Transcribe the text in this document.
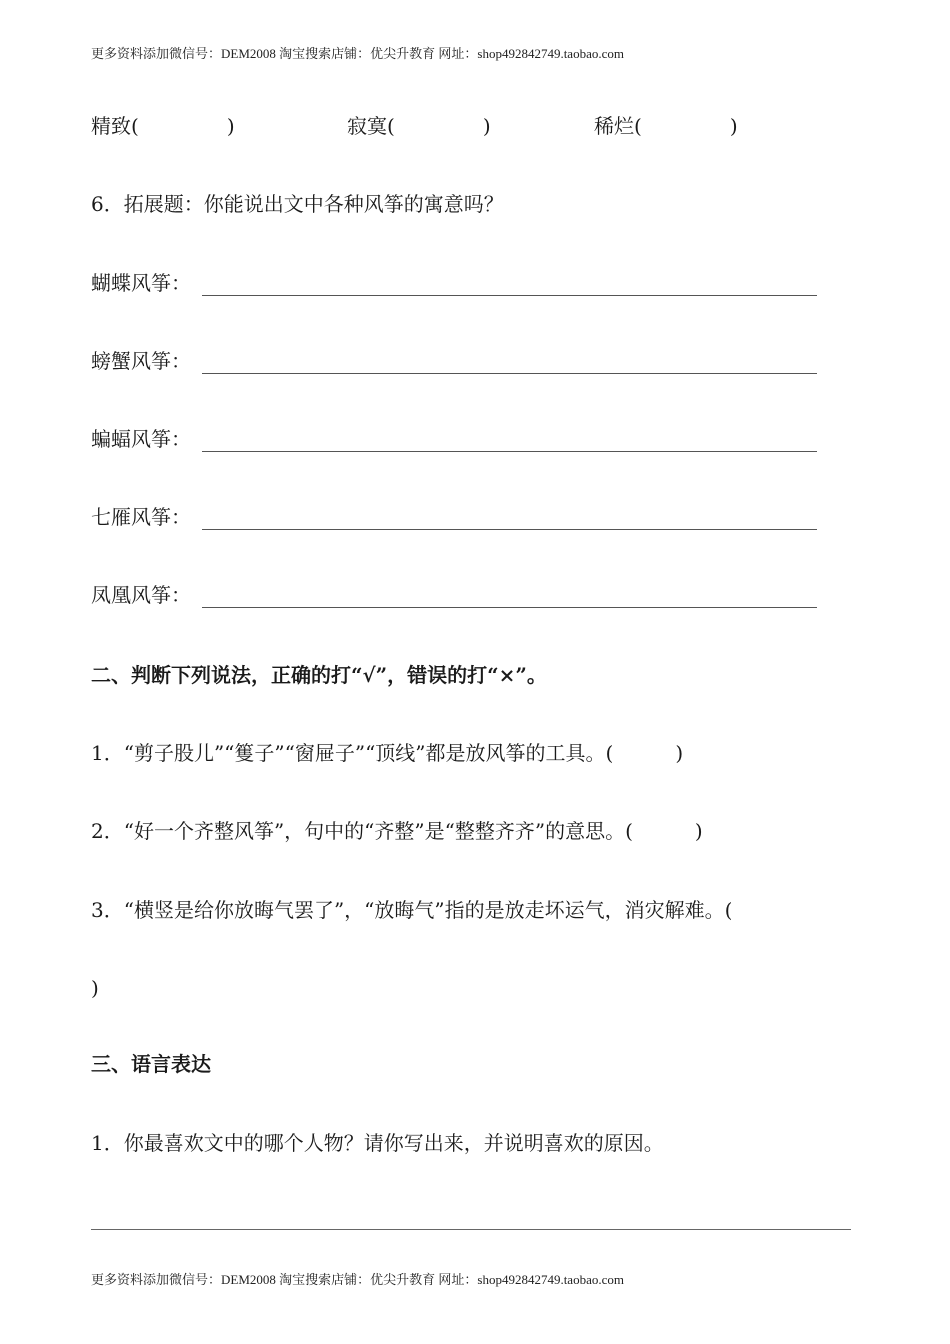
更多资料添加微信号：DEM2008 淘宝搜索店铺：优尖升教育 网址：shop492842749.taobao.com
精致(	)	寂寞(	)	稀烂(	)
6．拓展题：你能说出文中各种风筝的寓意吗？
蝴蝶风筝：
螃蟹风筝：
蝙蝠风筝：
七雁风筝：
凤凰风筝：
二、判断下列说法，正确的打“√”，错误的打“×”。
1．“剪子股儿”“篗子”“窗屉子”“顶线”都是放风筝的工具。(	)
2．“好一个齐整风筝”，句中的“齐整”是“整整齐齐”的意思。(	)
3．“横竖是给你放晦气罢了”，“放晦气”指的是放走坏运气，消灾解难。(
)
三、语言表达
1．你最喜欢文中的哪个人物？请你写出来，并说明喜欢的原因。
更多资料添加微信号：DEM2008 淘宝搜索店铺：优尖升教育 网址：shop492842749.taobao.com
